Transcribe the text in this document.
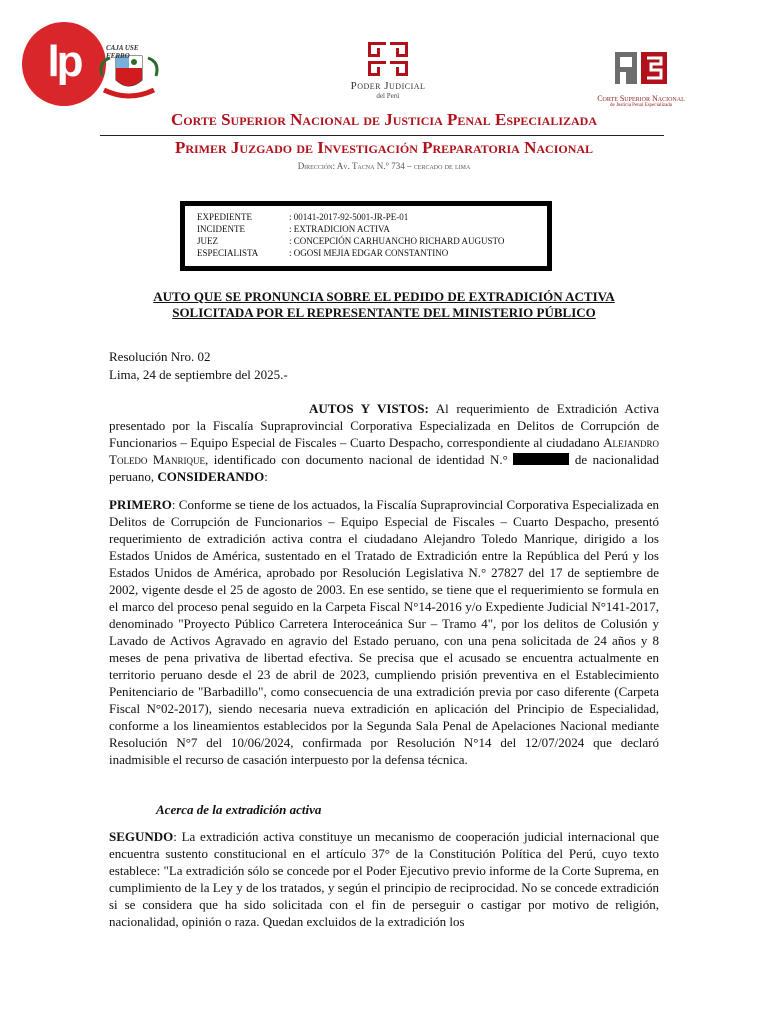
lp	CAJA USE FERRO
Poder Judicial
del Perú	Corte Superior Nacional
de Justicia Penal Especializada
Corte Superior Nacional de Justicia Penal Especializada
Primer Juzgado de Investigación Preparatoria Nacional
Dirección: Av. Tacna N.° 734 – cercado de lima
EXPEDIENTE	: 00141-2017-92-5001-JR-PE-01
INCIDENTE	: EXTRADICION ACTIVA
JUEZ	: CONCEPCIÓN CARHUANCHO RICHARD AUGUSTO
ESPECIALISTA	: OGOSI MEJIA EDGAR CONSTANTINO
AUTO QUE SE PRONUNCIA SOBRE EL PEDIDO DE EXTRADICIÓN ACTIVA
SOLICITADA POR EL REPRESENTANTE DEL MINISTERIO PÚBLICO
Resolución Nro. 02
Lima, 24 de septiembre del 2025.-
AUTOS Y VISTOS: Al requerimiento de Extradición Activa presentado por la Fiscalía Supraprovincial Corporativa Especializada en Delitos de Corrupción de Funcionarios – Equipo Especial de Fiscales – Cuarto Despacho, correspondiente al ciudadano Alejandro Toledo Manrique, identificado con documento nacional de identidad N.°	de nacionalidad peruano, CONSIDERANDO:
PRIMERO: Conforme se tiene de los actuados, la Fiscalía Supraprovincial Corporativa Especializada en Delitos de Corrupción de Funcionarios – Equipo Especial de Fiscales – Cuarto Despacho, presentó requerimiento de extradición activa contra el ciudadano Alejandro Toledo Manrique, dirigido a los Estados Unidos de América, sustentado en el Tratado de Extradición entre la República del Perú y los Estados Unidos de América, aprobado por Resolución Legislativa N.° 27827 del 17 de septiembre de 2002, vigente desde el 25 de agosto de 2003. En ese sentido, se tiene que el requerimiento se formula en el marco del proceso penal seguido en la Carpeta Fiscal N°14-2016 y/o Expediente Judicial N°141-2017, denominado "Proyecto Público Carretera Interoceánica Sur – Tramo 4", por los delitos de Colusión y Lavado de Activos Agravado en agravio del Estado peruano, con una pena solicitada de 24 años y 8 meses de pena privativa de libertad efectiva. Se precisa que el acusado se encuentra actualmente en territorio peruano desde el 23 de abril de 2023, cumpliendo prisión preventiva en el Establecimiento Penitenciario de "Barbadillo", como consecuencia de una extradición previa por caso diferente (Carpeta Fiscal N°02-2017), siendo necesaria nueva extradición en aplicación del Principio de Especialidad, conforme a los lineamientos establecidos por la Segunda Sala Penal de Apelaciones Nacional mediante Resolución N°7 del 10/06/2024, confirmada por Resolución N°14 del 12/07/2024 que declaró inadmisible el recurso de casación interpuesto por la defensa técnica.
Acerca de la extradición activa
SEGUNDO: La extradición activa constituye un mecanismo de cooperación judicial internacional que encuentra sustento constitucional en el artículo 37° de la Constitución Política del Perú, cuyo texto establece: "La extradición sólo se concede por el Poder Ejecutivo previo informe de la Corte Suprema, en cumplimiento de la Ley y de los tratados, y según el principio de reciprocidad. No se concede extradición si se considera que ha sido solicitada con el fin de perseguir o castigar por motivo de religión, nacionalidad, opinión o raza. Quedan excluidos de la extradición los
